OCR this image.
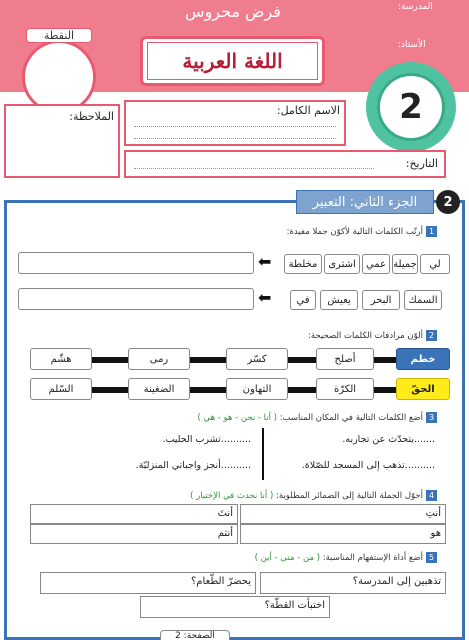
فرض محروس	المدرسة:
الأستاذ:
اللغة العربية
النقطة
2
الاسم الكامل:
التاريخ:
الملاحظة:
الجزء الثاني: التعبير	2
1أرتّب الكلمات التالية لأكوّن جملا مفيدة:
لي
جميلة
عمي
اشترى
مخلطة
⬅
السمك
البحر
يعيش
في
⬅
2ألوّن مرادفات الكلمات الصحيحة:
خطم
أصلح
كسّر
رمى
هشّم
الحقّ
الكرّة
التهاون
الضغينة
السّلم
3أضع الكلمات التالية في المكان المناسب: ( أنا - نحن - هو - هي )
.......يتحدّث عن تجاربه.
..........تذهب إلى المسجد للصّلاة.
..........تشرب الحليب.
..........أنجز واجباتي المنزليّة.
4أحوّل الجملة التالية إلى الضمائر المطلوبة: ( أنا نحدث في الإختبار )
أنتِ
أنتَ
هو
أنتم
5أضع أداة الإستفهام المناسبة: ( من - متى - أين )
تذهبين إلى المدرسة؟
يحضرّ الطّعام؟
اختبأت القطّة؟
الصفحة: 2
